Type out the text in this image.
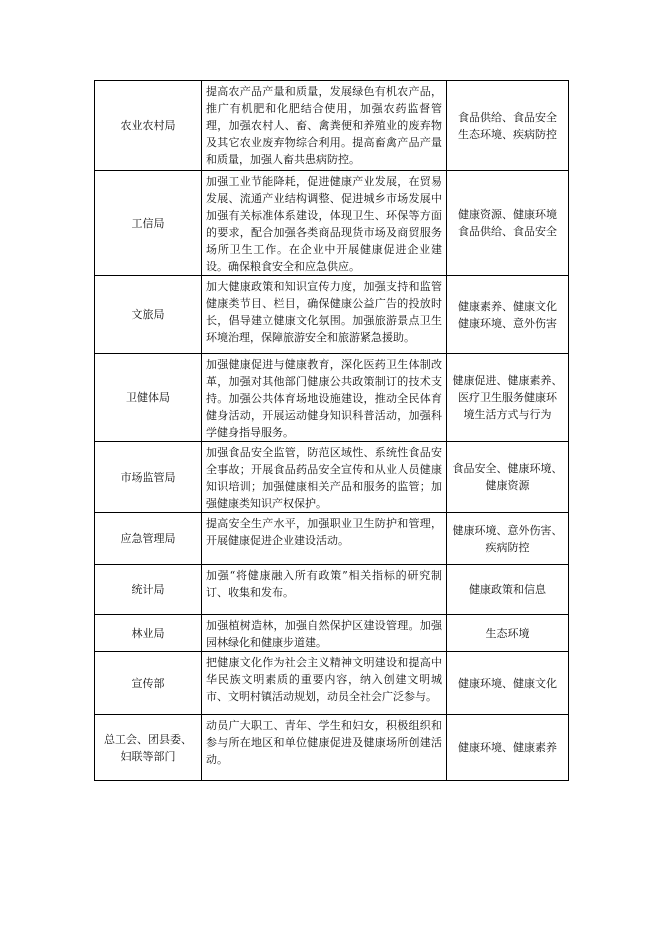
农业农村局	提高农产品产量和质量，发展绿色有机农产品，推广有机肥和化肥结合使用，加强农药监督管理，加强农村人、畜、禽粪便和养殖业的废弃物及其它农业废弃物综合利用。提高畜禽产品产量和质量，加强人畜共患病防控。	食品供给、食品安全
生态环境、疾病防控

工信局	加强工业节能降耗，促进健康产业发展，在贸易发展、流通产业结构调整、促进城乡市场发展中加强有关标准体系建设，体现卫生、环保等方面的要求，配合加强各类商品现货市场及商贸服务场所卫生工作。在企业中开展健康促进企业建设。确保粮食安全和应急供应。	健康资源、健康环境
食品供给、食品安全

文旅局	加大健康政策和知识宣传力度，加强支持和监管健康类节目、栏目，确保健康公益广告的投放时长，倡导建立健康文化氛围。加强旅游景点卫生环境治理，保障旅游安全和旅游紧急援助。	健康素养、健康文化
健康环境、意外伤害

卫健体局	加强健康促进与健康教育，深化医药卫生体制改革，加强对其他部门健康公共政策制订的技术支持。加强公共体育场地设施建设，推动全民体育健身活动，开展运动健身知识科普活动，加强科学健身指导服务。	健康促进、健康素养、
医疗卫生服务健康环
境生活方式与行为

市场监管局	加强食品安全监管，防范区域性、系统性食品安全事故；开展食品药品安全宣传和从业人员健康知识培训；加强健康相关产品和服务的监管；加强健康类知识产权保护。	食品安全、健康环境、
健康资源

应急管理局	提高安全生产水平，加强职业卫生防护和管理，开展健康促进企业建设活动。	健康环境、意外伤害、
疾病防控

统计局	加强“将健康融入所有政策”相关指标的研究制订、收集和发布。	健康政策和信息

林业局	加强植树造林，加强自然保护区建设管理。加强园林绿化和健康步道建。	生态环境

宣传部	把健康文化作为社会主义精神文明建设和提高中华民族文明素质的重要内容，纳入创建文明城市、文明村镇活动规划，动员全社会广泛参与。	健康环境、健康文化

总工会、团县委、
妇联等部门	动员广大职工、青年、学生和妇女，积极组织和参与所在地区和单位健康促进及健康场所创建活动。	健康环境、健康素养
